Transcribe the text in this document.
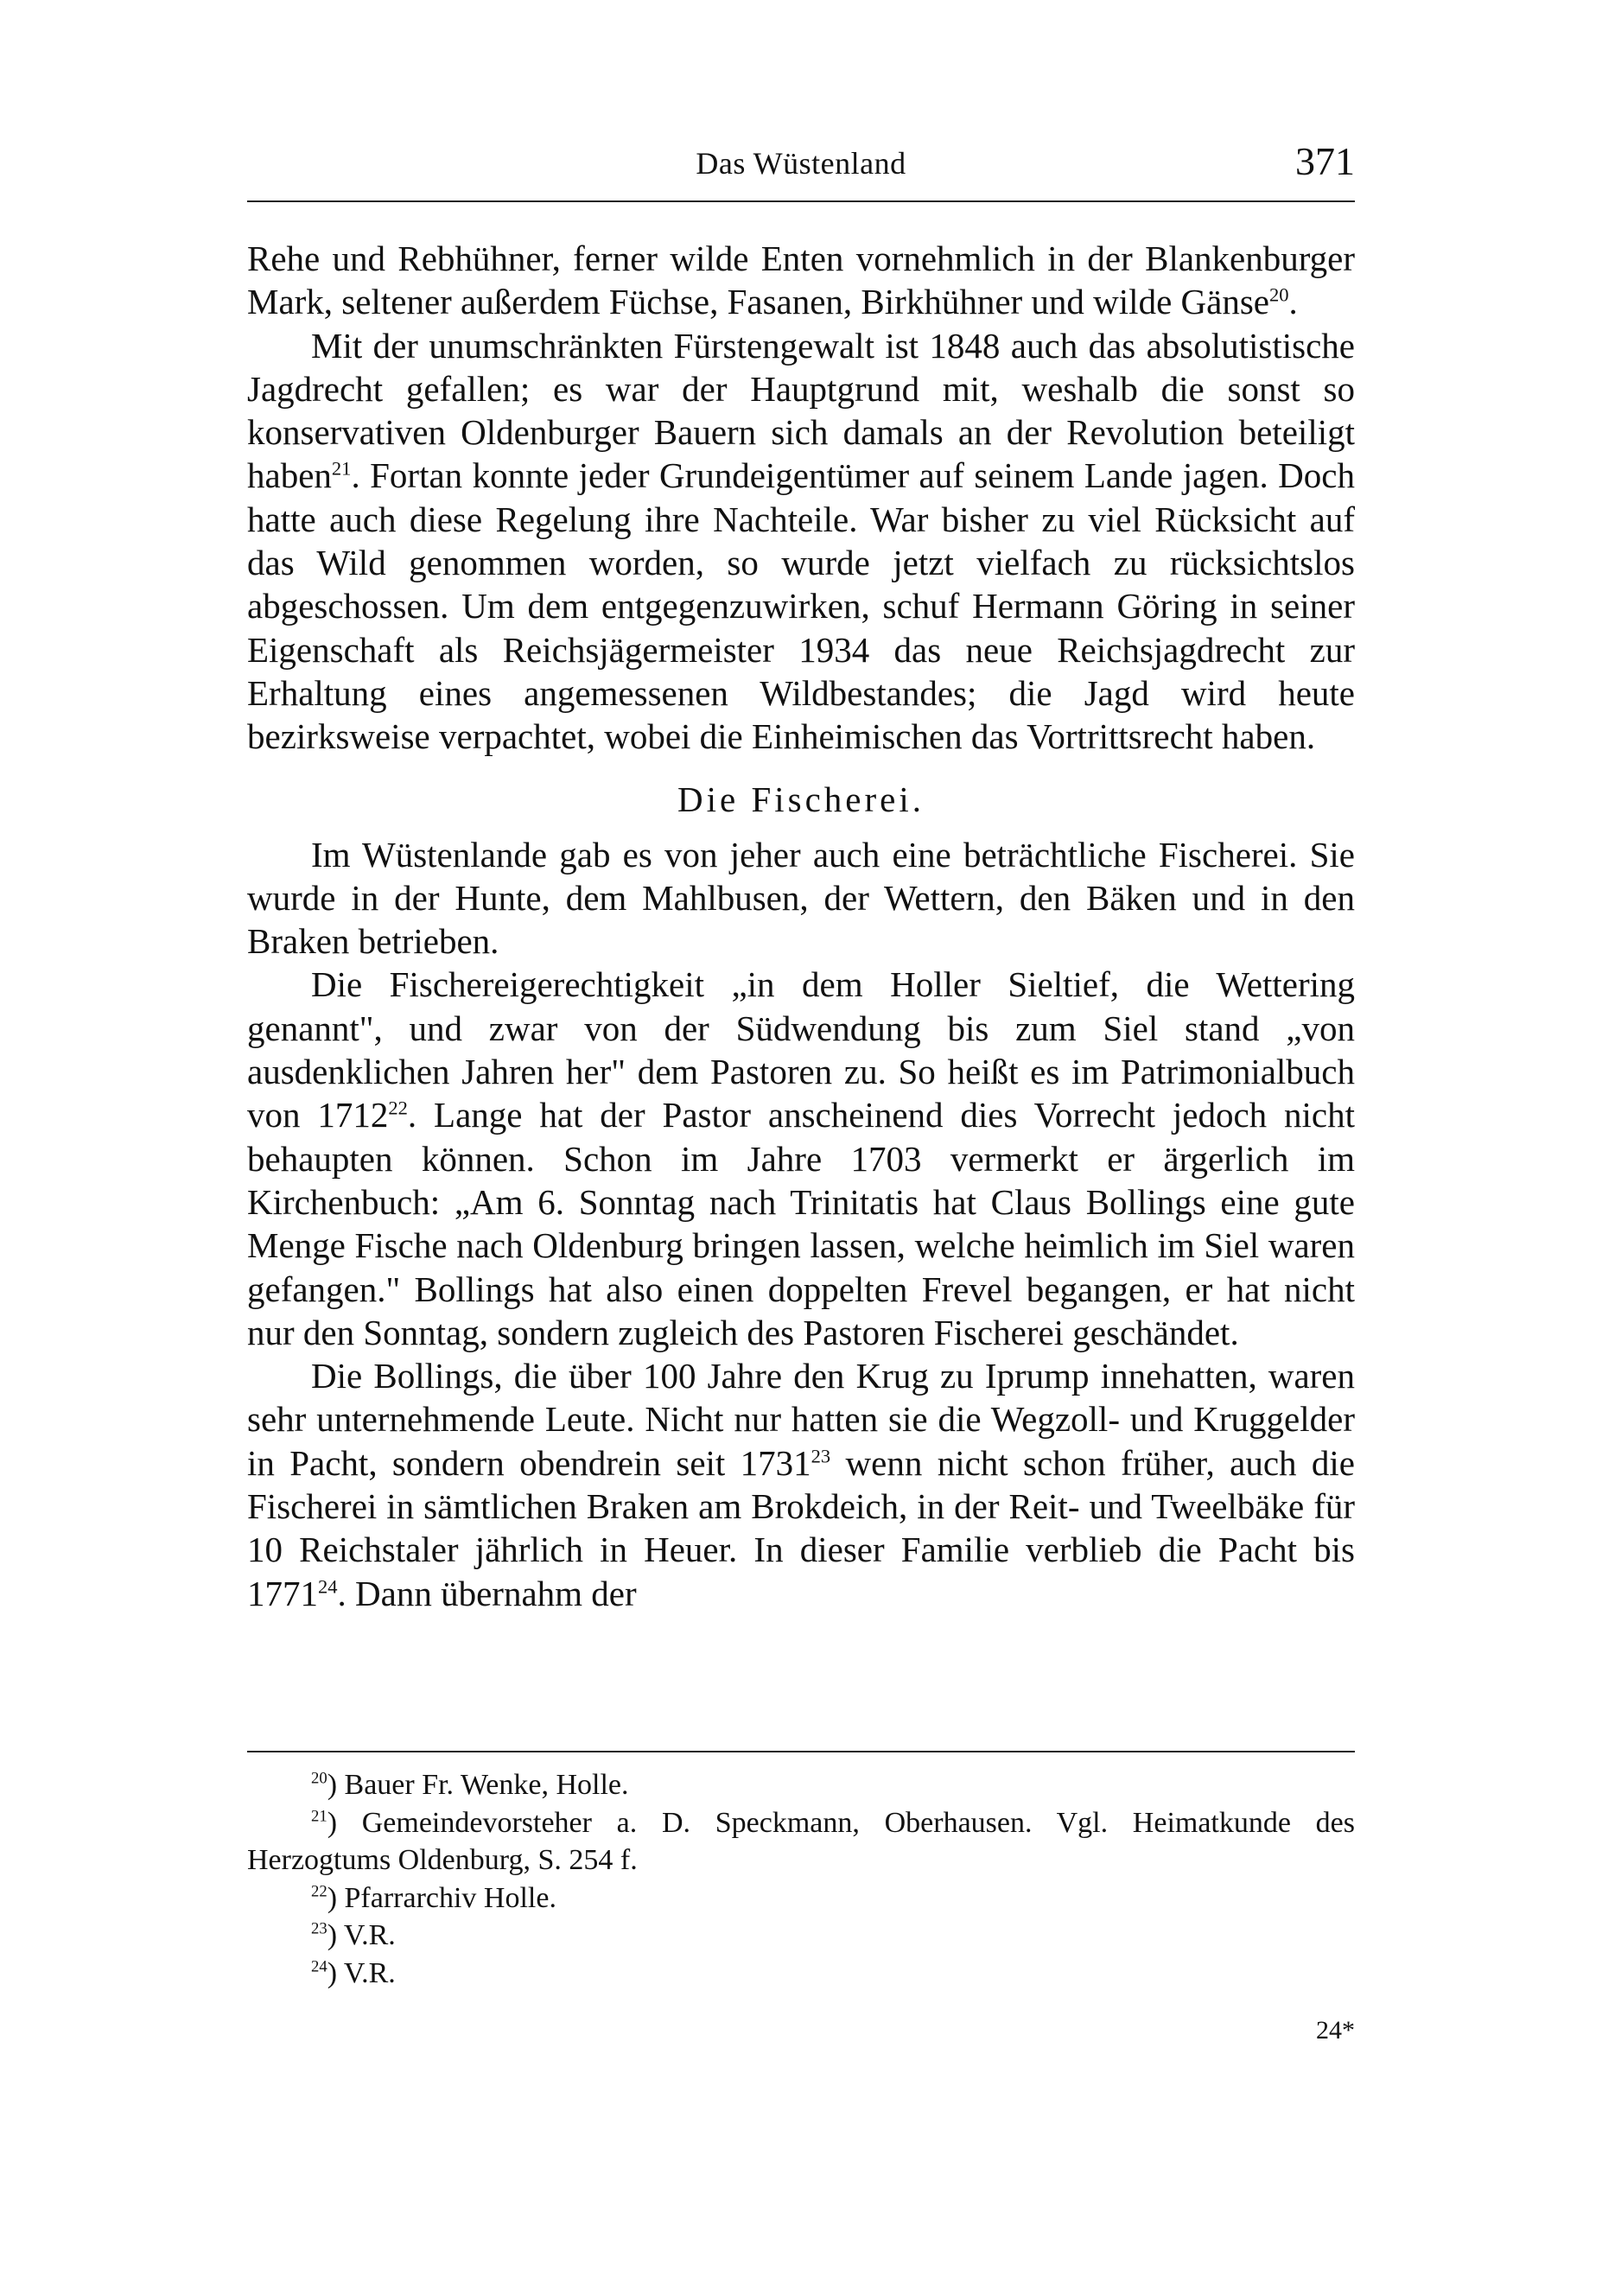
Das Wüstenland	371

Rehe und Rebhühner, ferner wilde Enten vornehmlich in der Blankenburger Mark, seltener außerdem Füchse, Fasanen, Birkhühner und wilde Gänse$^{20}$.

Mit der unumschränkten Fürstengewalt ist 1848 auch das absolutistische Jagdrecht gefallen; es war der Hauptgrund mit, weshalb die sonst so konservativen Oldenburger Bauern sich damals an der Revolution beteiligt haben$^{21}$. Fortan konnte jeder Grundeigentümer auf seinem Lande jagen. Doch hatte auch diese Regelung ihre Nachteile. War bisher zu viel Rücksicht auf das Wild genommen worden, so wurde jetzt vielfach zu rücksichtslos abgeschossen. Um dem entgegenzuwirken, schuf Hermann Göring in seiner Eigenschaft als Reichsjägermeister 1934 das neue Reichsjagdrecht zur Erhaltung eines angemessenen Wildbestandes; die Jagd wird heute bezirksweise verpachtet, wobei die Einheimischen das Vortrittsrecht haben.

Die Fischerei.

Im Wüstenlande gab es von jeher auch eine beträchtliche Fischerei. Sie wurde in der Hunte, dem Mahlbusen, der Wettern, den Bäken und in den Braken betrieben.

Die Fischereigerechtigkeit „in dem Holler Sieltief, die Wettering genannt", und zwar von der Südwendung bis zum Siel stand „von ausdenklichen Jahren her" dem Pastoren zu. So heißt es im Patrimonialbuch von 1712$^{22}$. Lange hat der Pastor anscheinend dies Vorrecht jedoch nicht behaupten können. Schon im Jahre 1703 vermerkt er ärgerlich im Kirchenbuch: „Am 6. Sonntag nach Trinitatis hat Claus Bollings eine gute Menge Fische nach Oldenburg bringen lassen, welche heimlich im Siel waren gefangen." Bollings hat also einen doppelten Frevel begangen, er hat nicht nur den Sonntag, sondern zugleich des Pastoren Fischerei geschändet.

Die Bollings, die über 100 Jahre den Krug zu Iprump innehatten, waren sehr unternehmende Leute. Nicht nur hatten sie die Wegzoll- und Kruggelder in Pacht, sondern obendrein seit 1731$^{23}$ wenn nicht schon früher, auch die Fischerei in sämtlichen Braken am Brokdeich, in der Reit- und Tweelbäke für 10 Reichstaler jährlich in Heuer. In dieser Familie verblieb die Pacht bis 1771$^{24}$. Dann übernahm der

$^{20}$) Bauer Fr. Wenke, Holle.

$^{21}$) Gemeindevorsteher a. D. Speckmann, Oberhausen. Vgl. Heimatkunde des Herzogtums Oldenburg, S. 254 f.

$^{22}$) Pfarrarchiv Holle.

$^{23}$) V.R.

$^{24}$) V.R.

24*
